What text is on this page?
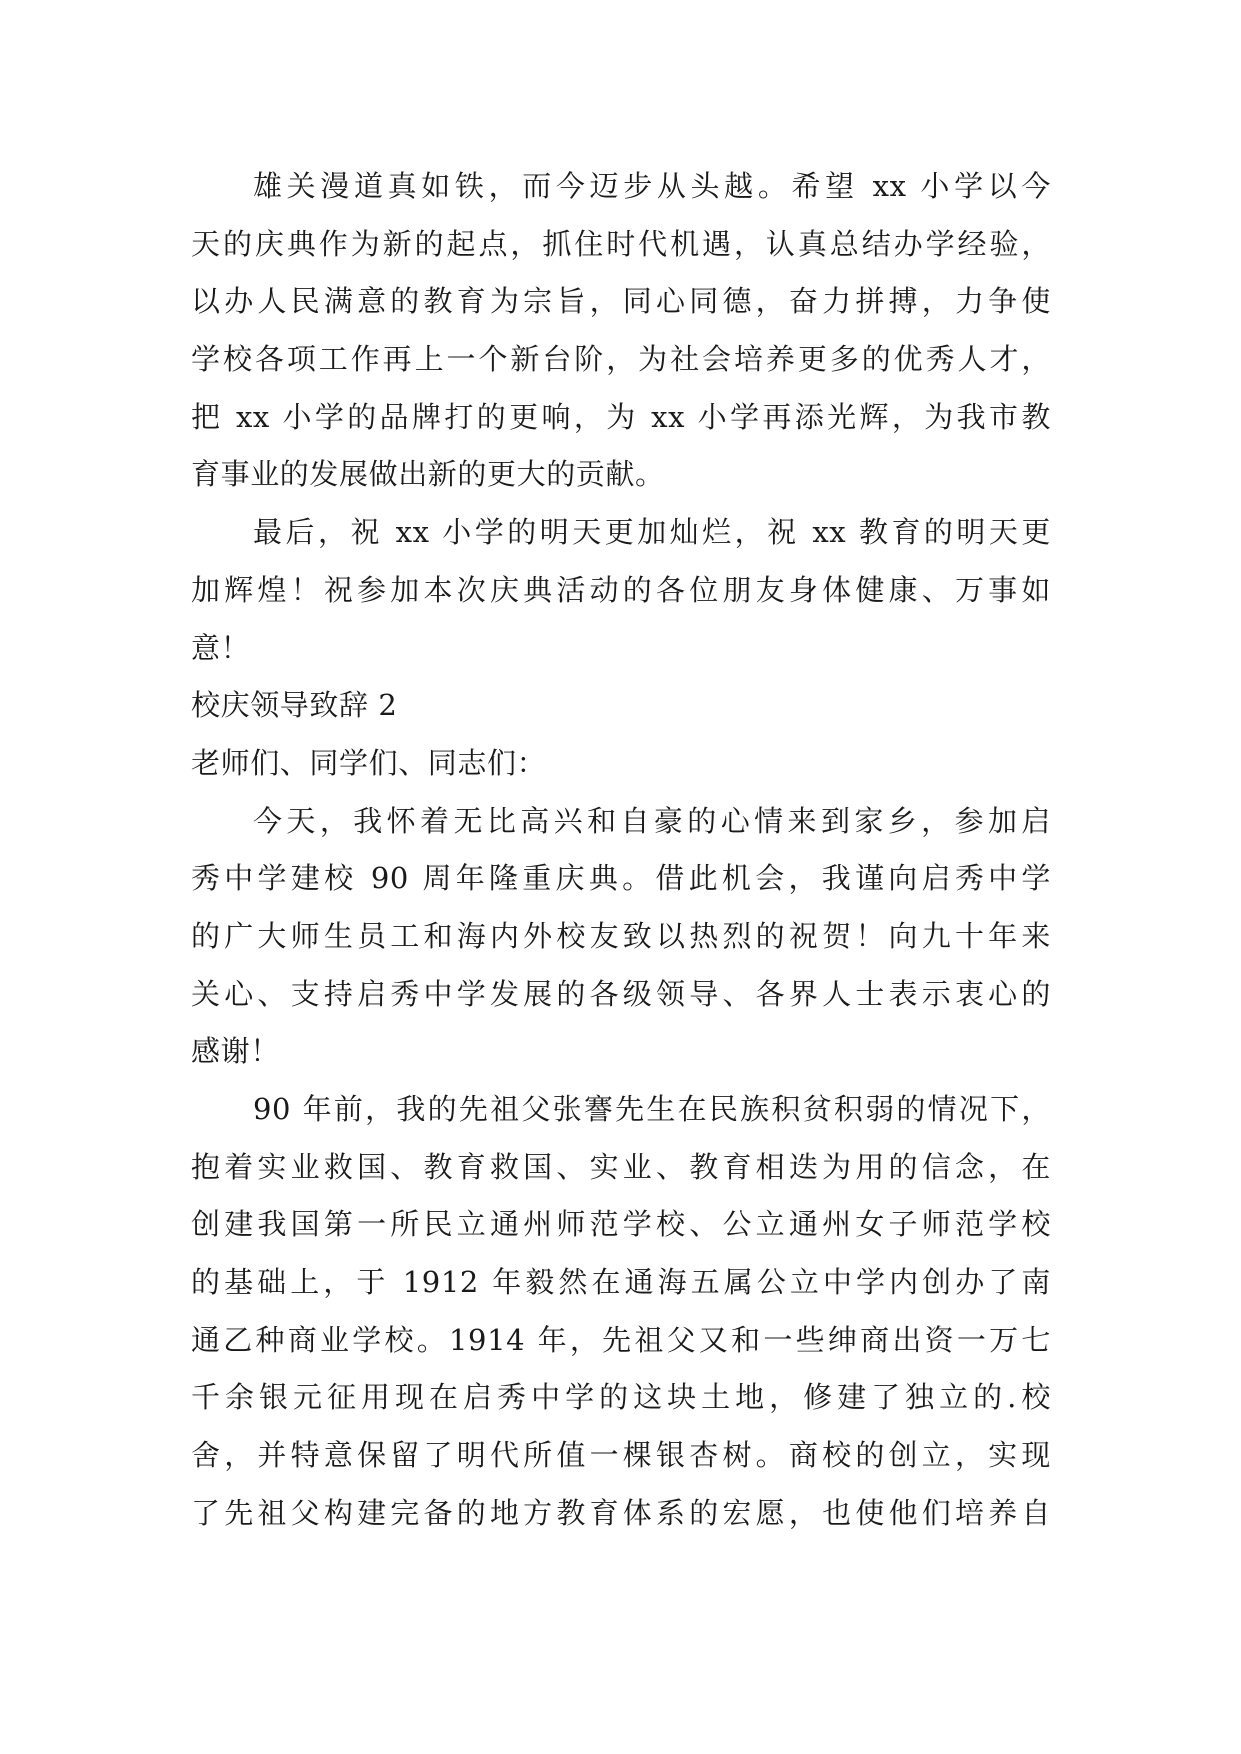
雄关漫道真如铁，而今迈步从头越。希望 xx 小学以今
天的庆典作为新的起点，抓住时代机遇，认真总结办学经验，
以办人民满意的教育为宗旨，同心同德，奋力拼搏，力争使
学校各项工作再上一个新台阶，为社会培养更多的优秀人才，
把 xx 小学的品牌打的更响，为 xx 小学再添光辉，为我市教
育事业的发展做出新的更大的贡献。
最后，祝 xx 小学的明天更加灿烂，祝 xx 教育的明天更
加辉煌！祝参加本次庆典活动的各位朋友身体健康、万事如
意！
校庆领导致辞 2
老师们、同学们、同志们：
今天，我怀着无比高兴和自豪的心情来到家乡，参加启
秀中学建校 90 周年隆重庆典。借此机会，我谨向启秀中学
的广大师生员工和海内外校友致以热烈的祝贺！向九十年来
关心、支持启秀中学发展的各级领导、各界人士表示衷心的
感谢！
90 年前，我的先祖父张謇先生在民族积贫积弱的情况下，
抱着实业救国、教育救国、实业、教育相迭为用的信念，在
创建我国第一所民立通州师范学校、公立通州女子师范学校
的基础上，于 1912 年毅然在通海五属公立中学内创办了南
通乙种商业学校。1914 年，先祖父又和一些绅商出资一万七
千余银元征用现在启秀中学的这块土地，修建了独立的.校
舍，并特意保留了明代所值一棵银杏树。商校的创立，实现
了先祖父构建完备的地方教育体系的宏愿，也使他们培养自
